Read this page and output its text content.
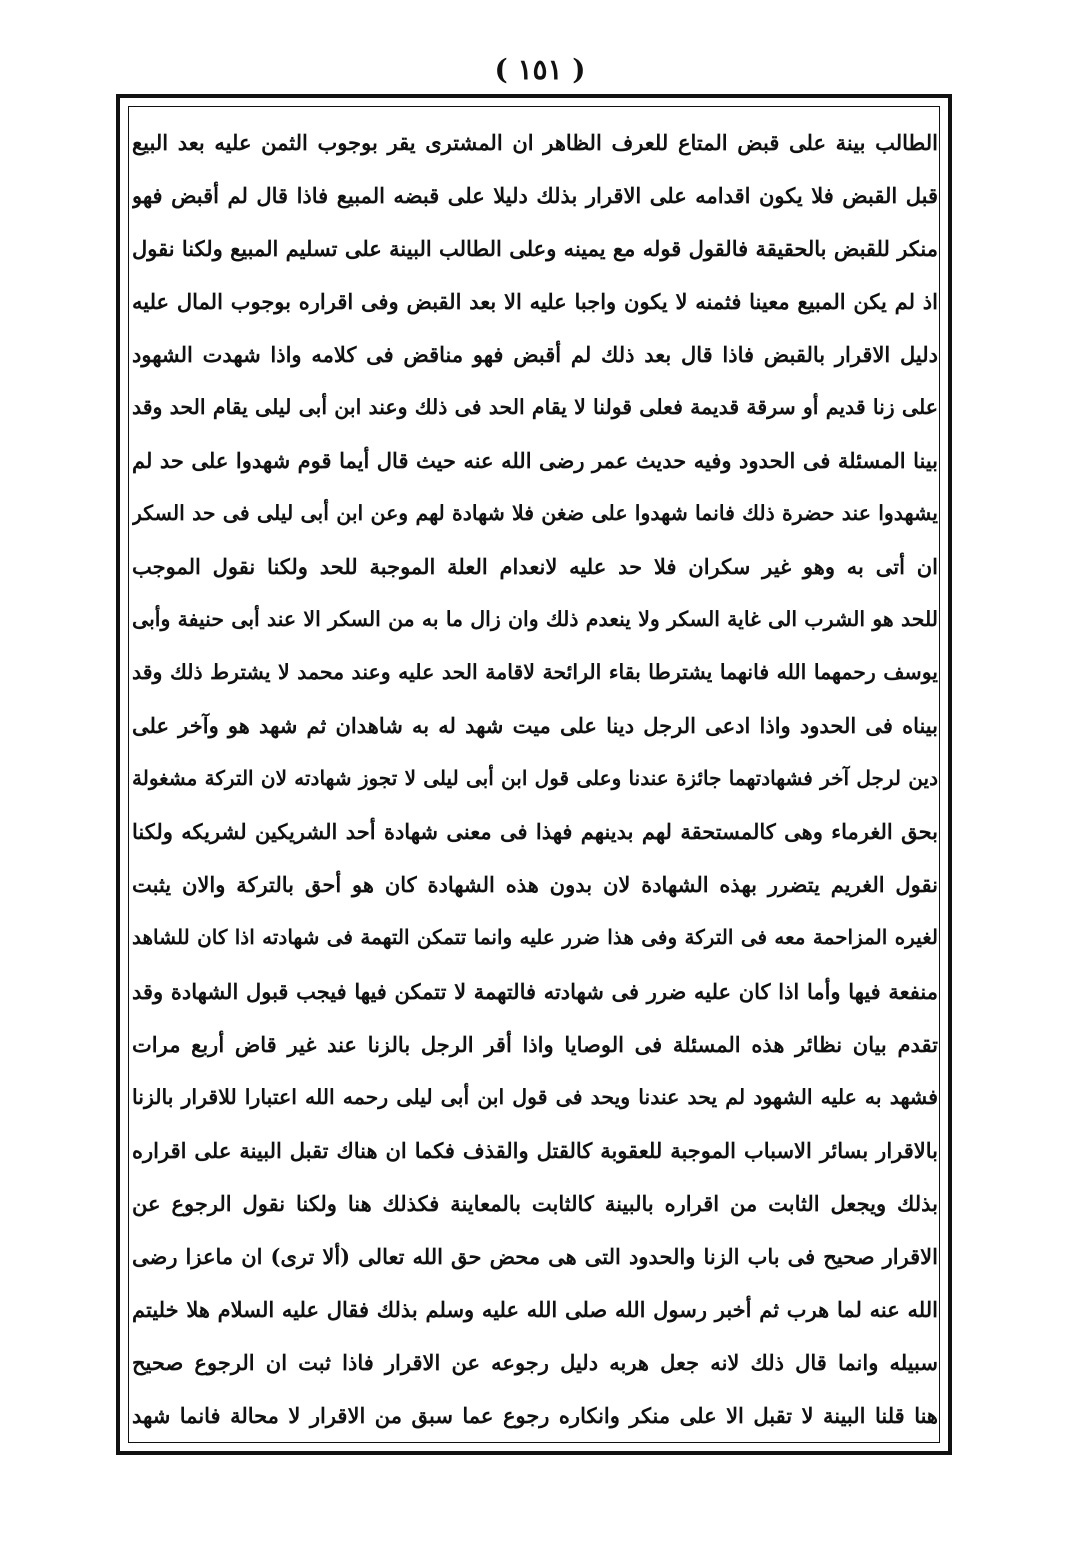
( ١٥١ )
الطالب بينة على قبض المتاع للعرف الظاهر ان المشترى يقر بوجوب الثمن عليه بعد البيع
قبل القبض فلا يكون اقدامه على الاقرار بذلك دليلا على قبضه المبيع فاذا قال لم أقبض فهو
منكر للقبض بالحقيقة فالقول قوله مع يمينه وعلى الطالب البينة على تسليم المبيع ولكنا نقول
اذ لم يكن المبيع معينا فثمنه لا يكون واجبا عليه الا بعد القبض وفى اقراره بوجوب المال عليه
دليل الاقرار بالقبض فاذا قال بعد ذلك لم أقبض فهو مناقض فى كلامه واذا شهدت الشهود
على زنا قديم أو سرقة قديمة فعلى قولنا لا يقام الحد فى ذلك وعند ابن أبى ليلى يقام الحد وقد
بينا المسئلة فى الحدود وفيه حديث عمر رضى الله عنه حيث قال أيما قوم شهدوا على حد لم
يشهدوا عند حضرة ذلك فانما شهدوا على ضغن فلا شهادة لهم وعن ابن أبى ليلى فى حد السكر
ان أتى به وهو غير سكران فلا حد عليه لانعدام العلة الموجبة للحد ولكنا نقول الموجب
للحد هو الشرب الى غاية السكر ولا ينعدم ذلك وان زال ما به من السكر الا عند أبى حنيفة وأبى
يوسف رحمهما الله فانهما يشترطا بقاء الرائحة لاقامة الحد عليه وعند محمد لا يشترط ذلك وقد
بيناه فى الحدود واذا ادعى الرجل دينا على ميت شهد له به شاهدان ثم شهد هو وآخر على
دين لرجل آخر فشهادتهما جائزة عندنا وعلى قول ابن أبى ليلى لا تجوز شهادته لان التركة مشغولة
بحق الغرماء وهى كالمستحقة لهم بدينهم فهذا فى معنى شهادة أحد الشريكين لشريكه ولكنا
نقول الغريم يتضرر بهذه الشهادة لان بدون هذه الشهادة كان هو أحق بالتركة والان يثبت
لغيره المزاحمة معه فى التركة وفى هذا ضرر عليه وانما تتمكن التهمة فى شهادته اذا كان للشاهد
منفعة فيها وأما اذا كان عليه ضرر فى شهادته فالتهمة لا تتمكن فيها فيجب قبول الشهادة وقد
تقدم بيان نظائر هذه المسئلة فى الوصايا واذا أقر الرجل بالزنا عند غير قاض أربع مرات
فشهد به عليه الشهود لم يحد عندنا ويحد فى قول ابن أبى ليلى رحمه الله اعتبارا للاقرار بالزنا
بالاقرار بسائر الاسباب الموجبة للعقوبة كالقتل والقذف فكما ان هناك تقبل البينة على اقراره
بذلك ويجعل الثابت من اقراره بالبينة كالثابت بالمعاينة فكذلك هنا ولكنا نقول الرجوع عن
الاقرار صحيح فى باب الزنا والحدود التى هى محض حق الله تعالى (ألا ترى) ان ماعزا رضى
الله عنه لما هرب ثم أخبر رسول الله صلى الله عليه وسلم بذلك فقال عليه السلام هلا خليتم
سبيله وانما قال ذلك لانه جعل هربه دليل رجوعه عن الاقرار فاذا ثبت ان الرجوع صحيح
هنا قلنا البينة لا تقبل الا على منكر وانكاره رجوع عما سبق من الاقرار لا محالة فانما شهد
